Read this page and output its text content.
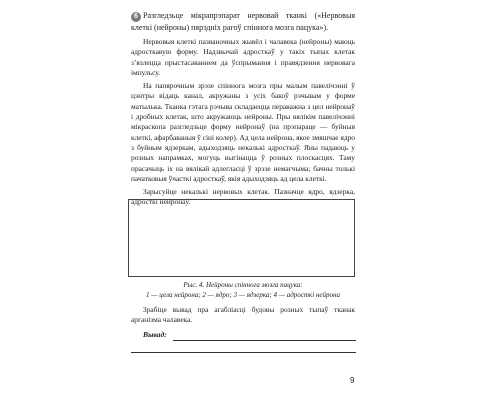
6 Разгледзьце мікрапрэпарат нервовай тканкі («Нервовыя клеткі (нейроны) пярэдніх рагоў спіннога мозга пацука»).

Нервовыя клеткі пазваночных жывёл і чалавека (нейроны) маюць адросткавую форму. Надзвычай адросткаў у такіх тыпах клетак з’язлецца прыстасаваннем да ўспрымання і правядзення нервовага імпульсу.

На папярочным зрэзе спіннога мозга пры малым павелічэнні ў цэнтры відаць канал, акружаны з усіх бакоў рэчывам у форме матылька. Тканка гэтага рэчыва складаецца пераважна з цел нейронаў і дробных клетак, што акружаюць нейроны. Пры вялікім павелічэнні мікраскопа разгледзьце форму нейронаў (на прэпараце — буйныя клеткі, афарбаваныя ў сіні колер). Ад цела нейрона, якое змяшчае ядро з буйным ядзеркам, адыходзяць некалькі адросткаў. Яны падаюць у розных напрамках, могуць выгінацца ў розных плоскасцях. Таму прасачыць іх на вялікай адлегласці ў зрэзе немагчыма; бачны толькі пачатковыя ўчасткі адросткаў, якія адыходзяць ад цела клеткі.

Зарысуйце некалькі нервовых клетак. Пазначце ядро, ядзерка, адросткі нейронаў.

Рыс. 4. Нейроны спіннога мозга пацука:
1 — цела нейрона; 2 — ядро; 3 — ядзерка; 4 — адросткі нейрона

Зрабіце вывад пра агабліасці будовы розных тыпаў тканак арганізма чалавека.

Вывад:
9
